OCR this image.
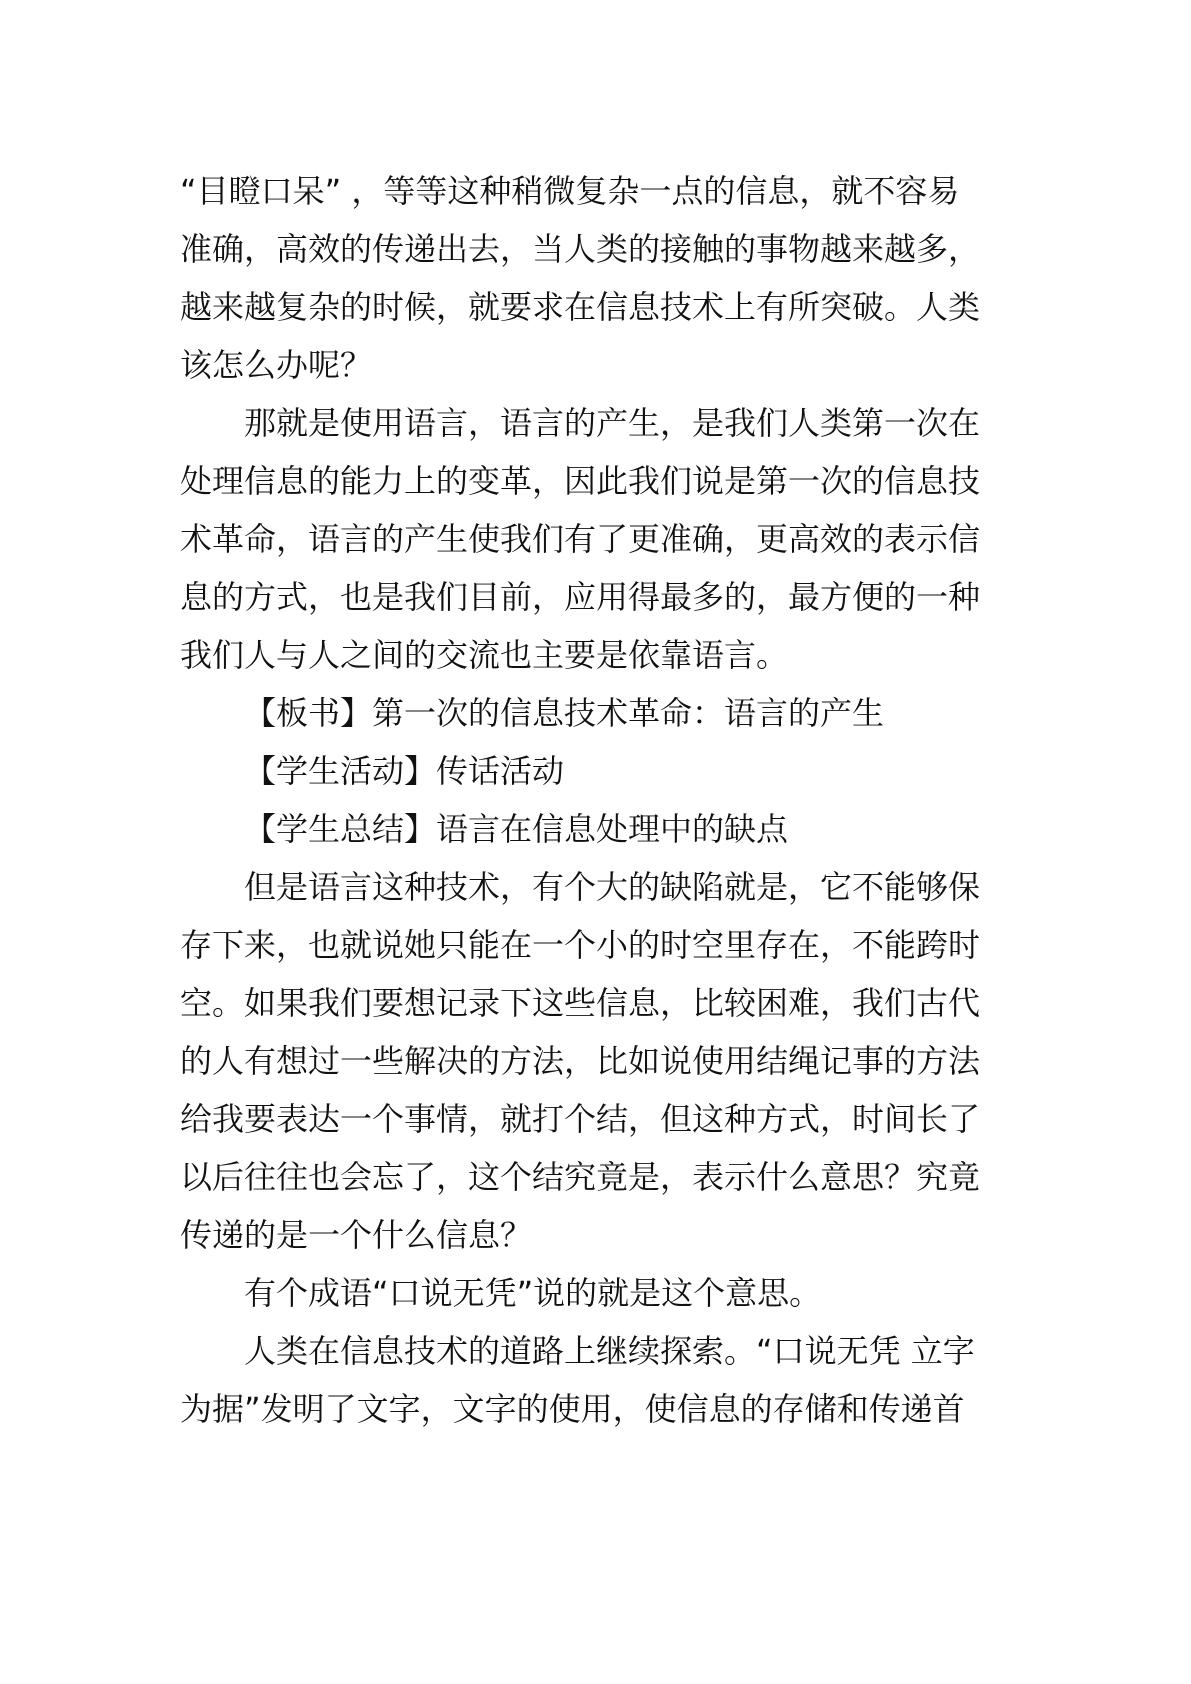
“目瞪口呆” ，等等这种稍微复杂一点的信息，就不容易
准确，高效的传递出去，当人类的接触的事物越来越多，
越来越复杂的时候，就要求在信息技术上有所突破。人类
该怎么办呢？
那就是使用语言，语言的产生，是我们人类第一次在
处理信息的能力上的变革，因此我们说是第一次的信息技
术革命，语言的产生使我们有了更准确，更高效的表示信
息的方式，也是我们目前，应用得最多的，最方便的一种
我们人与人之间的交流也主要是依靠语言。
【板书】第一次的信息技术革命：语言的产生
【学生活动】传话活动
【学生总结】语言在信息处理中的缺点
但是语言这种技术，有个大的缺陷就是，它不能够保
存下来，也就说她只能在一个小的时空里存在，不能跨时
空。如果我们要想记录下这些信息，比较困难，我们古代
的人有想过一些解决的方法，比如说使用结绳记事的方法
给我要表达一个事情，就打个结，但这种方式，时间长了
以后往往也会忘了，这个结究竟是，表示什么意思？究竟
传递的是一个什么信息？
有个成语“口说无凭”说的就是这个意思。
人类在信息技术的道路上继续探索。“口说无凭 立字
为据”发明了文字，文字的使用，使信息的存储和传递首
